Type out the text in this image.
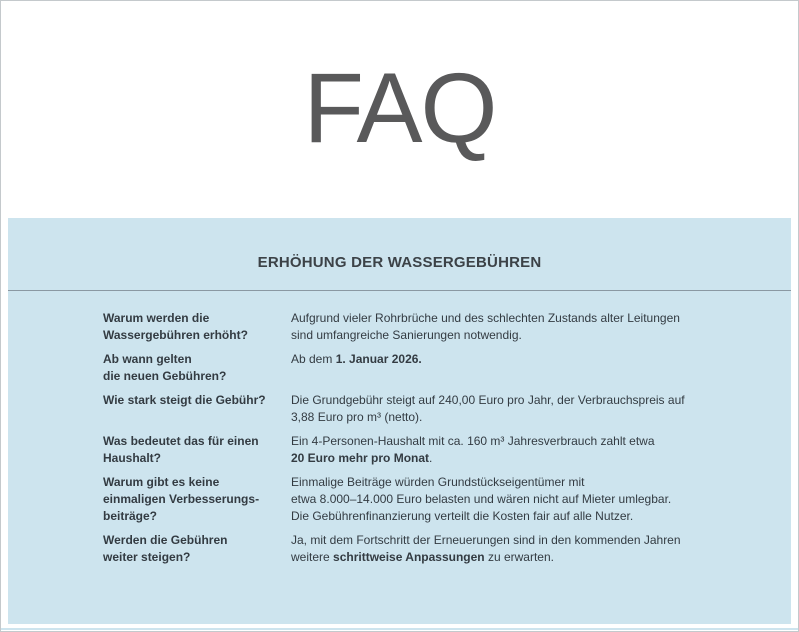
FAQ
ERHÖHUNG DER WASSERGEBÜHREN
Warum werden die
Wassergebühren erhöht?
Aufgrund vieler Rohrbrüche und des schlechten Zustands alter Leitungen
sind umfangreiche Sanierungen notwendig.
Ab wann gelten
die neuen Gebühren?
Ab dem 1. Januar 2026.
Wie stark steigt die Gebühr?	Die Grundgebühr steigt auf 240,00 Euro pro Jahr, der Verbrauchspreis auf
3,88 Euro pro m³ (netto).
Was bedeutet das für einen
Haushalt?
Ein 4-Personen-Haushalt mit ca. 160 m³ Jahresverbrauch zahlt etwa
20 Euro mehr pro Monat.
Warum gibt es keine
einmaligen Verbesserungs-
beiträge?
Einmalige Beiträge würden Grundstückseigentümer mit
etwa 8.000–14.000 Euro belasten und wären nicht auf Mieter umlegbar.
Die Gebührenfinanzierung verteilt die Kosten fair auf alle Nutzer.
Werden die Gebühren
weiter steigen?
Ja, mit dem Fortschritt der Erneuerungen sind in den kommenden Jahren
weitere schrittweise Anpassungen zu erwarten.
